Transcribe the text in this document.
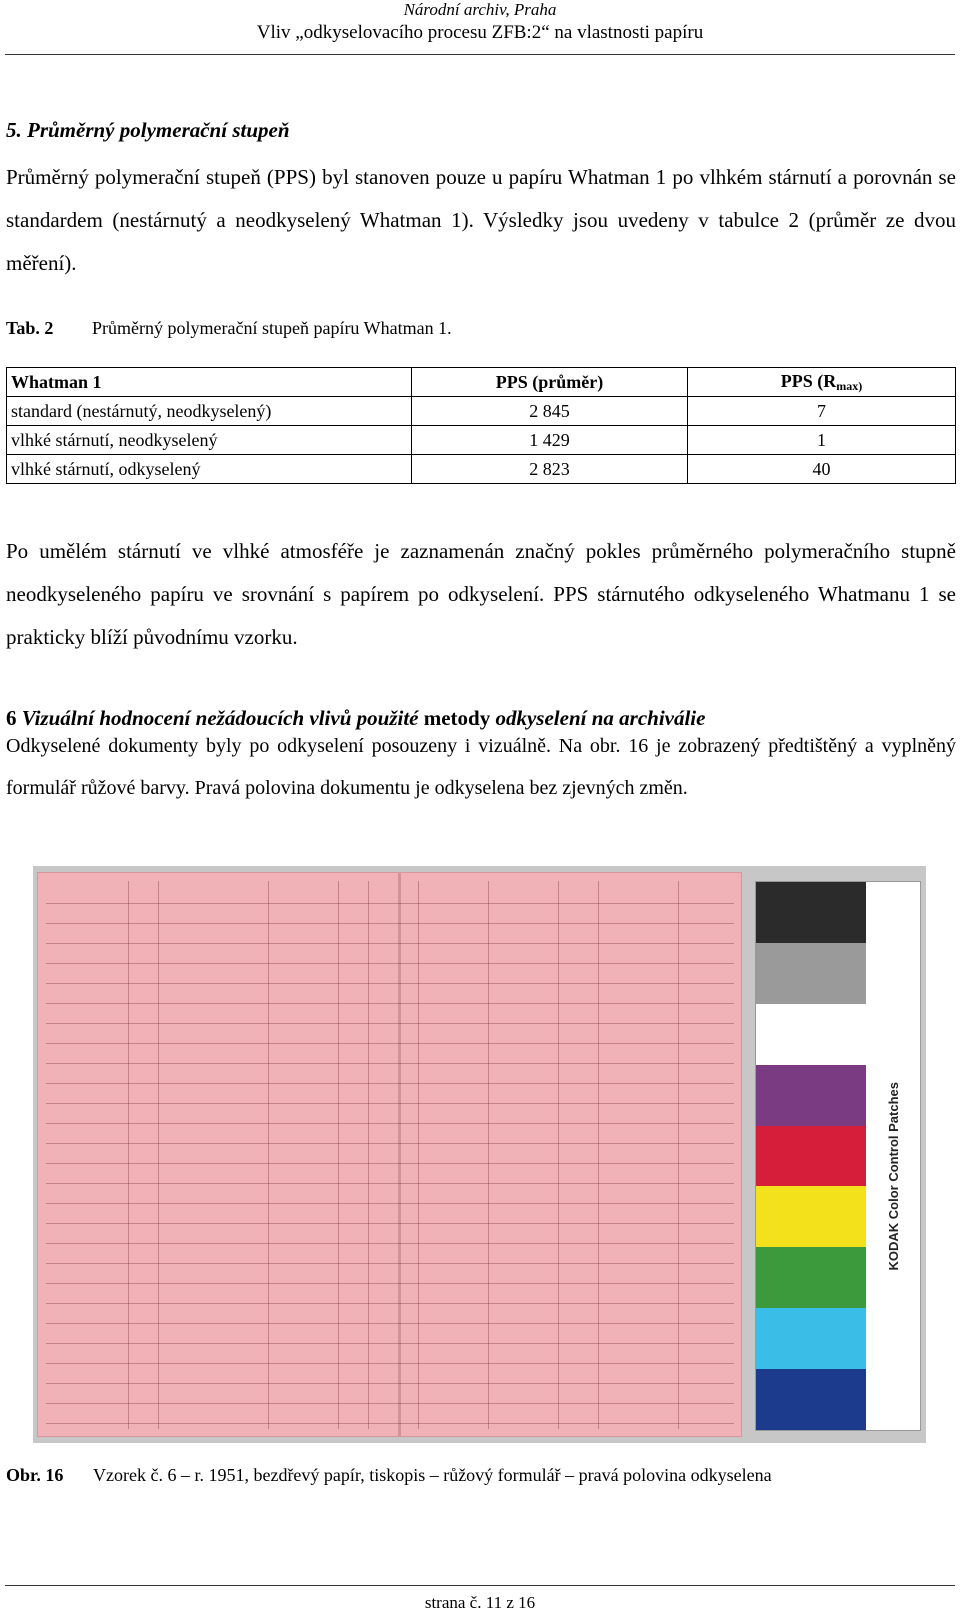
Národní archiv, Praha
Vliv „odkyselovacího procesu ZFB:2“ na vlastnosti papíru
5. Průměrný polymerační stupeň
Průměrný polymerační stupeň (PPS) byl stanoven pouze u papíru Whatman 1 po vlhkém stárnutí a porovnán se standardem (nestárnutý a neodkyselený Whatman 1). Výsledky jsou uvedeny v tabulce 2 (průměr ze dvou měření).
Tab. 2 Průměrný polymerační stupeň papíru Whatman 1.
Whatman 1	PPS (průměr)	PPS ($R_{max)}$
standard (nestárnutý, neodkyselený)	2 845	7
vlhké stárnutí, neodkyselený	1 429	1
vlhké stárnutí, odkyselený	2 823	40
Po umělém stárnutí ve vlhké atmosféře je zaznamenán značný pokles průměrného polymeračního stupně neodkyseleného papíru ve srovnání s papírem po odkyselení. PPS stárnutého odkyseleného Whatmanu 1 se prakticky blíží původnímu vzorku.
6 Vizuální hodnocení nežádoucích vlivů použité metody odkyselení na archiválie
Odkyselené dokumenty byly po odkyselení posouzeny i vizuálně. Na obr. 16 je zobrazený předtištěný a vyplněný formulář růžové barvy. Pravá polovina dokumentu je odkyselena bez zjevných změn.
KODAK Color Control Patches
Obr. 16 Vzorek č. 6 – r. 1951, bezdřevý papír, tiskopis – růžový formulář – pravá polovina odkyselena
strana č. 11 z 16
